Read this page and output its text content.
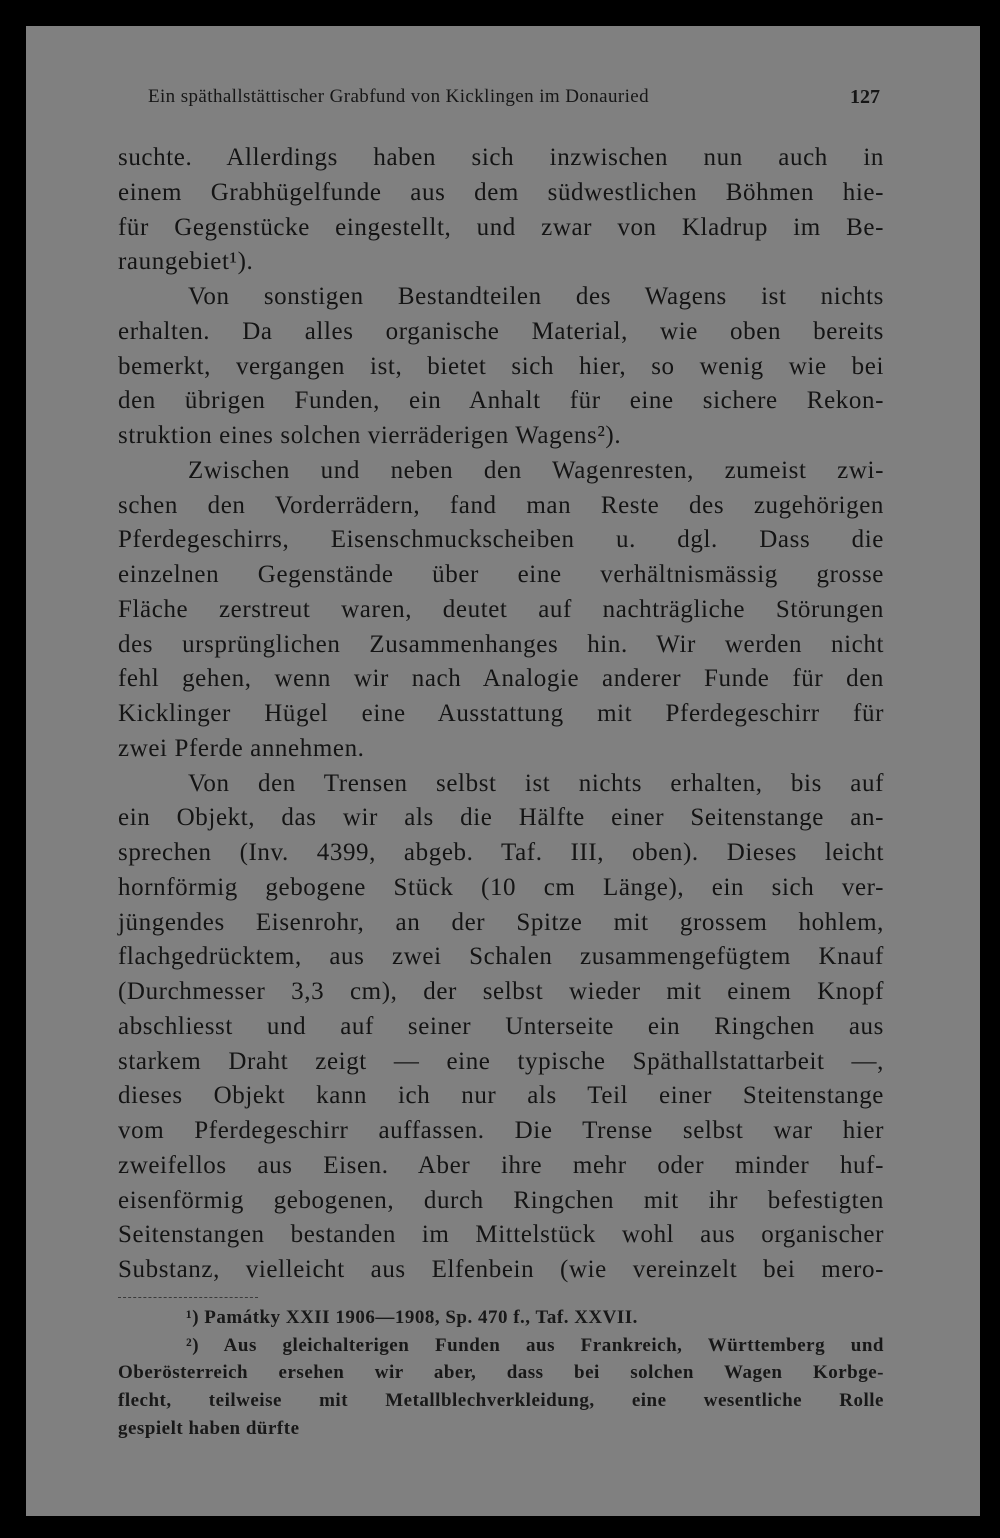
Ein späthallstättischer Grabfund von Kicklingen im Donauried	127
suchte. Allerdings haben sich inzwischen nun auch in
einem Grabhügelfunde aus dem südwestlichen Böhmen hie-
für Gegenstücke eingestellt, und zwar von Kladrup im Be-
raungebiet¹).
Von sonstigen Bestandteilen des Wagens ist nichts
erhalten. Da alles organische Material, wie oben bereits
bemerkt, vergangen ist, bietet sich hier, so wenig wie bei
den übrigen Funden, ein Anhalt für eine sichere Rekon-
struktion eines solchen vierräderigen Wagens²).
Zwischen und neben den Wagenresten, zumeist zwi-
schen den Vorderrädern, fand man Reste des zugehörigen
Pferdegeschirrs, Eisenschmuckscheiben u. dgl. Dass die
einzelnen Gegenstände über eine verhältnismässig grosse
Fläche zerstreut waren, deutet auf nachträgliche Störungen
des ursprünglichen Zusammenhanges hin. Wir werden nicht
fehl gehen, wenn wir nach Analogie anderer Funde für den
Kicklinger Hügel eine Ausstattung mit Pferdegeschirr für
zwei Pferde annehmen.
Von den Trensen selbst ist nichts erhalten, bis auf
ein Objekt, das wir als die Hälfte einer Seitenstange an-
sprechen (Inv. 4399, abgeb. Taf. III, oben). Dieses leicht
hornförmig gebogene Stück (10 cm Länge), ein sich ver-
jüngendes Eisenrohr, an der Spitze mit grossem hohlem,
flachgedrücktem, aus zwei Schalen zusammengefügtem Knauf
(Durchmesser 3,3 cm), der selbst wieder mit einem Knopf
abschliesst und auf seiner Unterseite ein Ringchen aus
starkem Draht zeigt — eine typische Späthallstattarbeit —,
dieses Objekt kann ich nur als Teil einer Steitenstange
vom Pferdegeschirr auffassen. Die Trense selbst war hier
zweifellos aus Eisen. Aber ihre mehr oder minder huf-
eisenförmig gebogenen, durch Ringchen mit ihr befestigten
Seitenstangen bestanden im Mittelstück wohl aus organischer
Substanz, vielleicht aus Elfenbein (wie vereinzelt bei mero-
¹) Památky XXII 1906—1908, Sp. 470 f., Taf. XXVII.
²) Aus gleichalterigen Funden aus Frankreich, Württemberg und
Oberösterreich ersehen wir aber, dass bei solchen Wagen Korbge-
flecht, teilweise mit Metallblechverkleidung, eine wesentliche Rolle
gespielt haben dürfte
